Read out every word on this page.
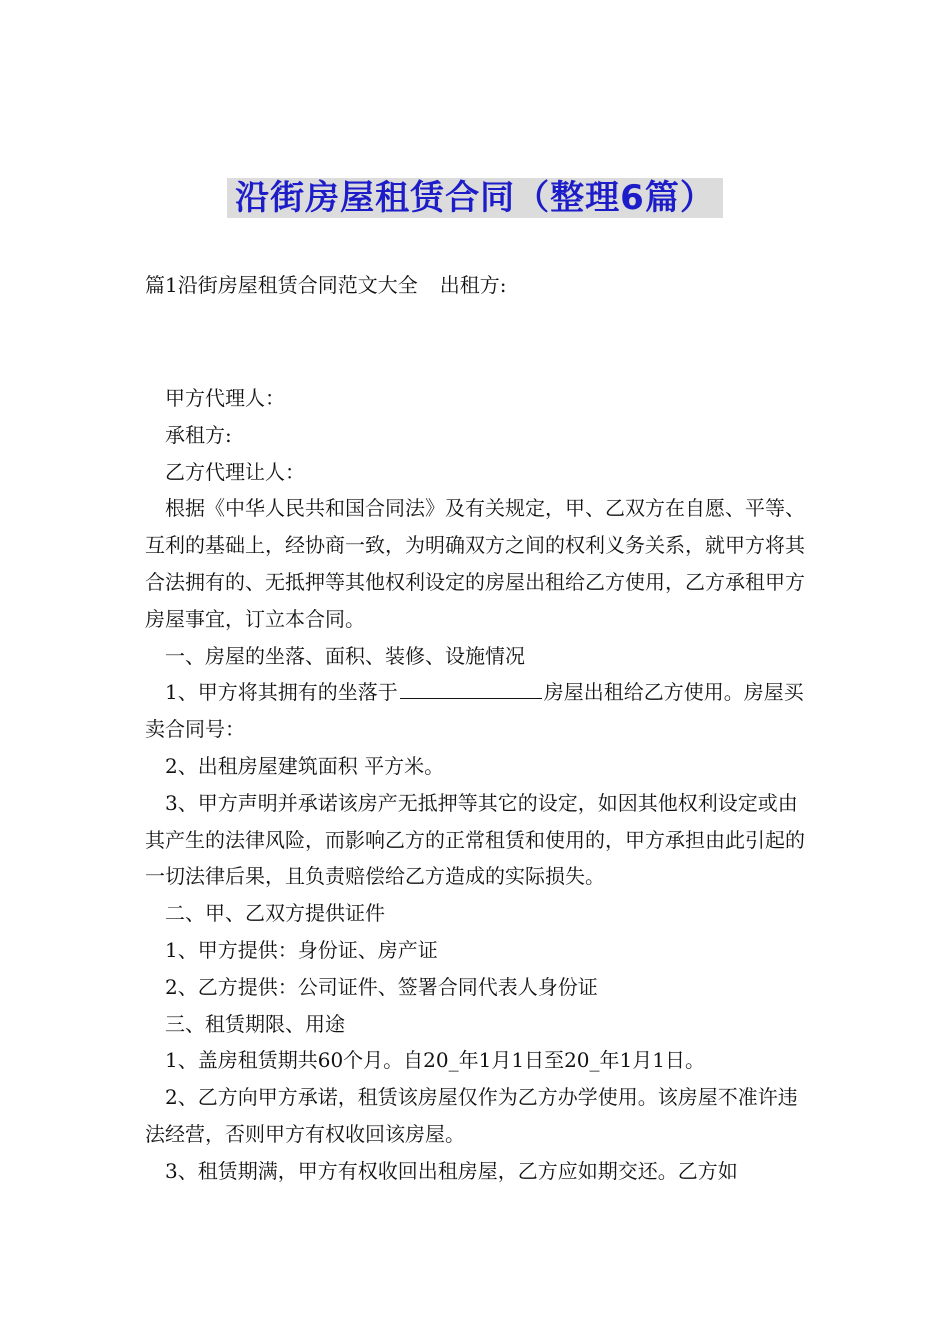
沿街房屋租赁合同（整理6篇）
篇1沿街房屋租赁合同范文大全 出租方:

甲方代理人：

承租方:

乙方代理让人：

根据《中华人民共和国合同法》及有关规定，甲、乙双方在自愿、平等、互利的基础上，经协商一致，为明确双方之间的权利义务关系，就甲方将其合法拥有的、无抵押等其他权利设定的房屋出租给乙方使用，乙方承租甲方房屋事宜，订立本合同。

一、房屋的坐落、面积、装修、设施情况

1、甲方将其拥有的坐落于	房屋出租给乙方使用。房屋买卖合同号：

2、出租房屋建筑面积 平方米。

3、甲方声明并承诺该房产无抵押等其它的设定，如因其他权利设定或由其产生的法律风险，而影响乙方的正常租赁和使用的，甲方承担由此引起的一切法律后果，且负责赔偿给乙方造成的实际损失。

二、甲、乙双方提供证件

1、甲方提供：身份证、房产证

2、乙方提供：公司证件、签署合同代表人身份证

三、租赁期限、用途

1、盖房租赁期共60个月。自20_年1月1日至20_年1月1日。

2、乙方向甲方承诺，租赁该房屋仅作为乙方办学使用。该房屋不准许违法经营，否则甲方有权收回该房屋。

3、租赁期满，甲方有权收回出租房屋，乙方应如期交还。乙方如
